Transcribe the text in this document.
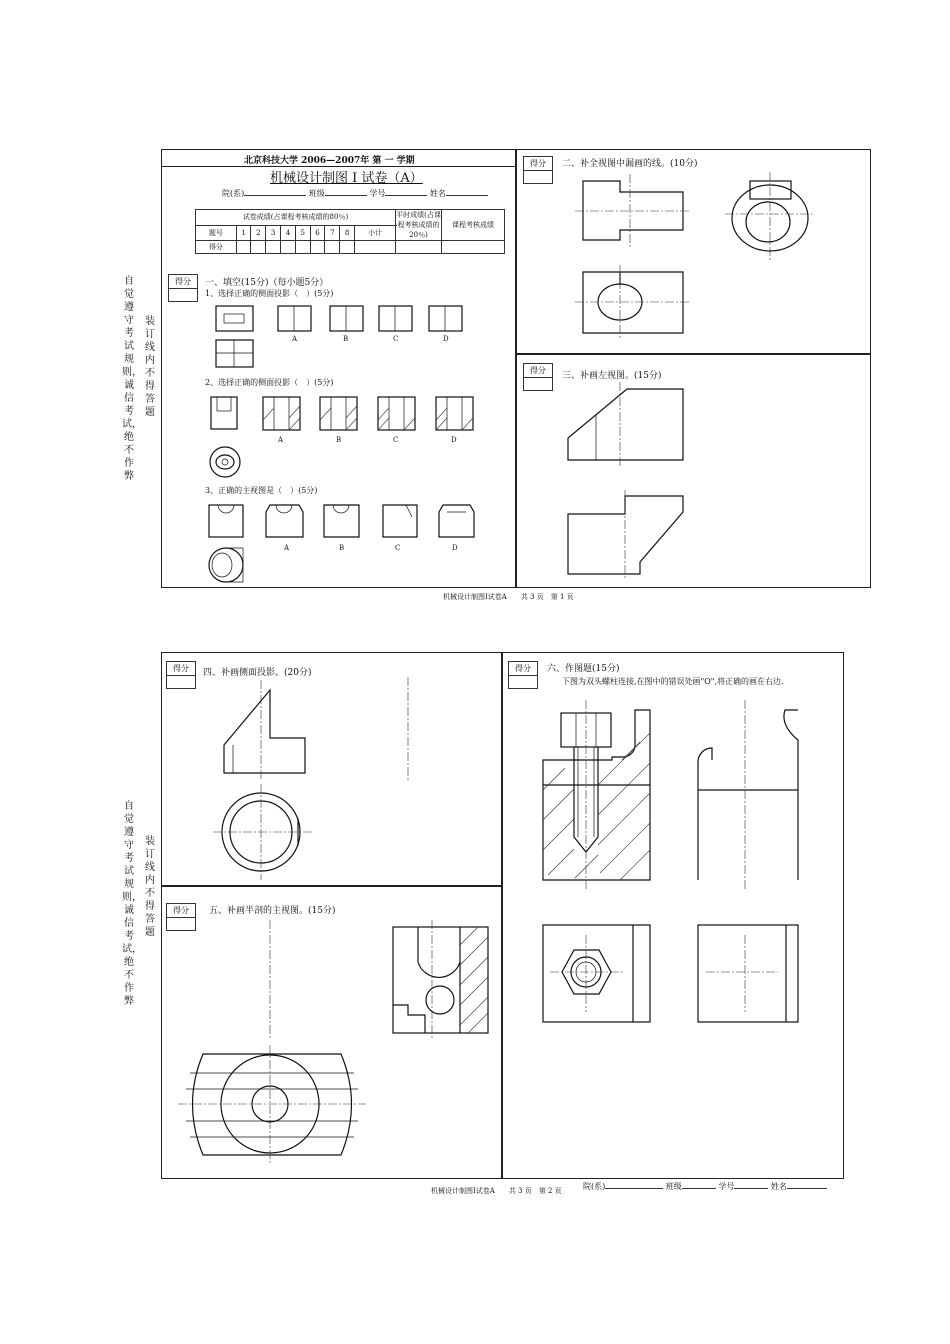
自觉遵守考试规则，诚信考试，绝不作弊
装订线内不得答题
北京科技大学 2006—2007年 第 一 学期
机械设计制图 I 试卷（A）
院(系)	班级	学号	姓名
试卷成绩(占课程考核成绩的80％)										平时成绩(占课程考核成绩的20％)	课程考核成绩
题号	1	2	3	4	5	6	7	8	小计		
得分											
得分	一、填空(15分)（每小题5分）
1、选择正确的侧面投影（　）(5分)
A	B	C	D
2、选择正确的侧面投影（　）(5分)
A	B	C	D
3、正确的主视图是（　）(5分)
A	B	C	D
得分	二、补全视图中漏画的线。(10分)
得分
三、补画左视图。(15分)
机械设计制图I试卷A　　共 3 页　第 1 页
自觉遵守考试规则，诚信考试，绝不作弊
装订线内不得答题
得分	四、补画侧面投影。(20分)
得分	五、补画半剖的主视图。(15分)
得分	六、作图题(15分)
下图为双头螺柱连接,在图中的错误处画"O",将正确的画在右边.
机械设计制图I试卷A　　共 3 页　第 2 页	院(系)	班级	学号	姓名
